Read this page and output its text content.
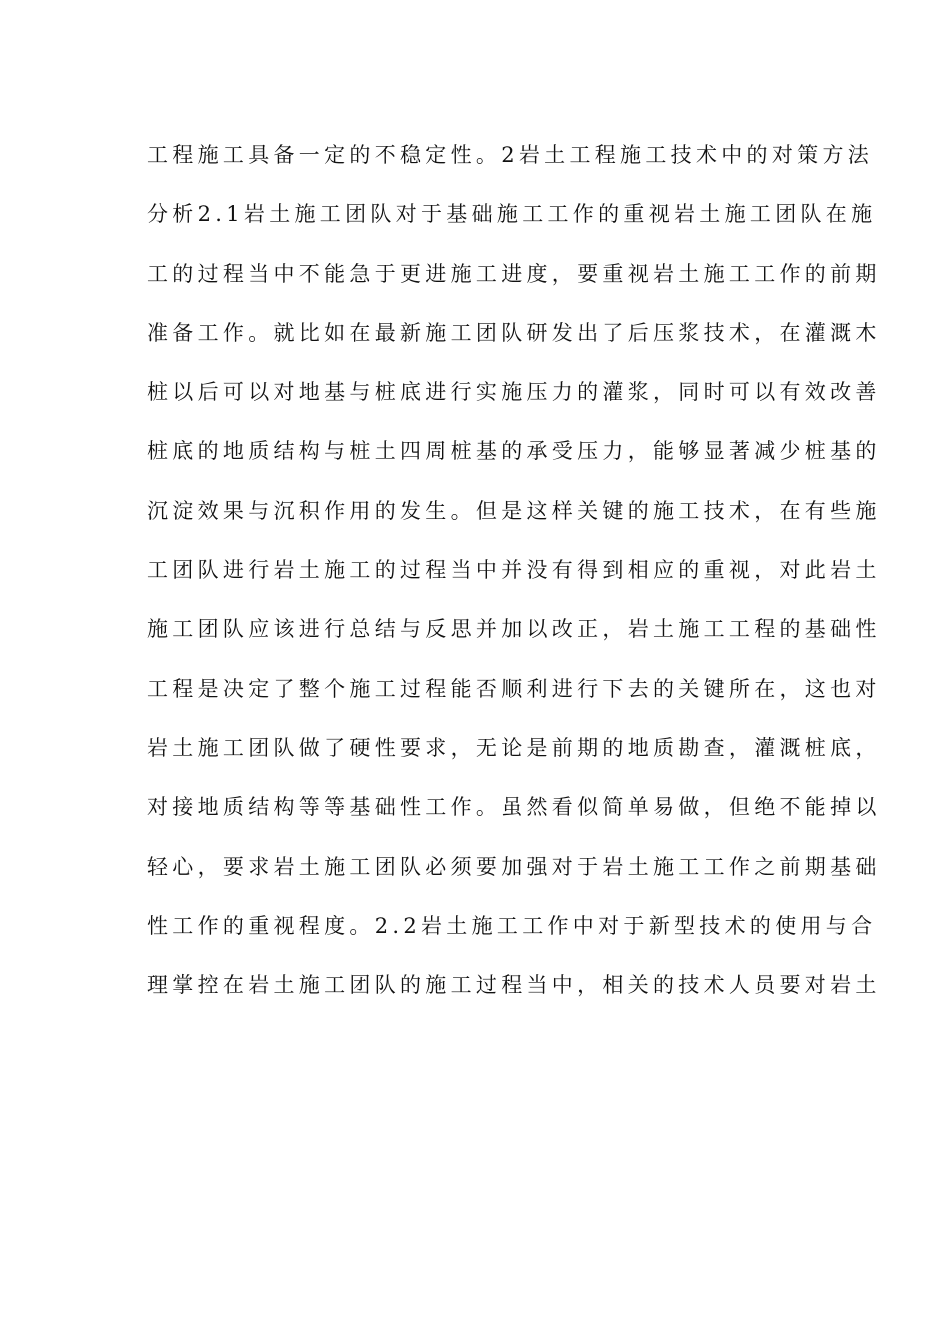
工程施工具备一定的不稳定性。2岩土工程施工技术中的对策方法
分析2.1岩土施工团队对于基础施工工作的重视岩土施工团队在施
工的过程当中不能急于更进施工进度，要重视岩土施工工作的前期
准备工作。就比如在最新施工团队研发出了后压浆技术，在灌溉木
桩以后可以对地基与桩底进行实施压力的灌浆，同时可以有效改善
桩底的地质结构与桩土四周桩基的承受压力，能够显著减少桩基的
沉淀效果与沉积作用的发生。但是这样关键的施工技术，在有些施
工团队进行岩土施工的过程当中并没有得到相应的重视，对此岩土
施工团队应该进行总结与反思并加以改正，岩土施工工程的基础性
工程是决定了整个施工过程能否顺利进行下去的关键所在，这也对
岩土施工团队做了硬性要求，无论是前期的地质勘查，灌溉桩底，
对接地质结构等等基础性工作。虽然看似简单易做，但绝不能掉以
轻心，要求岩土施工团队必须要加强对于岩土施工工作之前期基础
性工作的重视程度。2.2岩土施工工作中对于新型技术的使用与合
理掌控在岩土施工团队的施工过程当中，相关的技术人员要对岩土
